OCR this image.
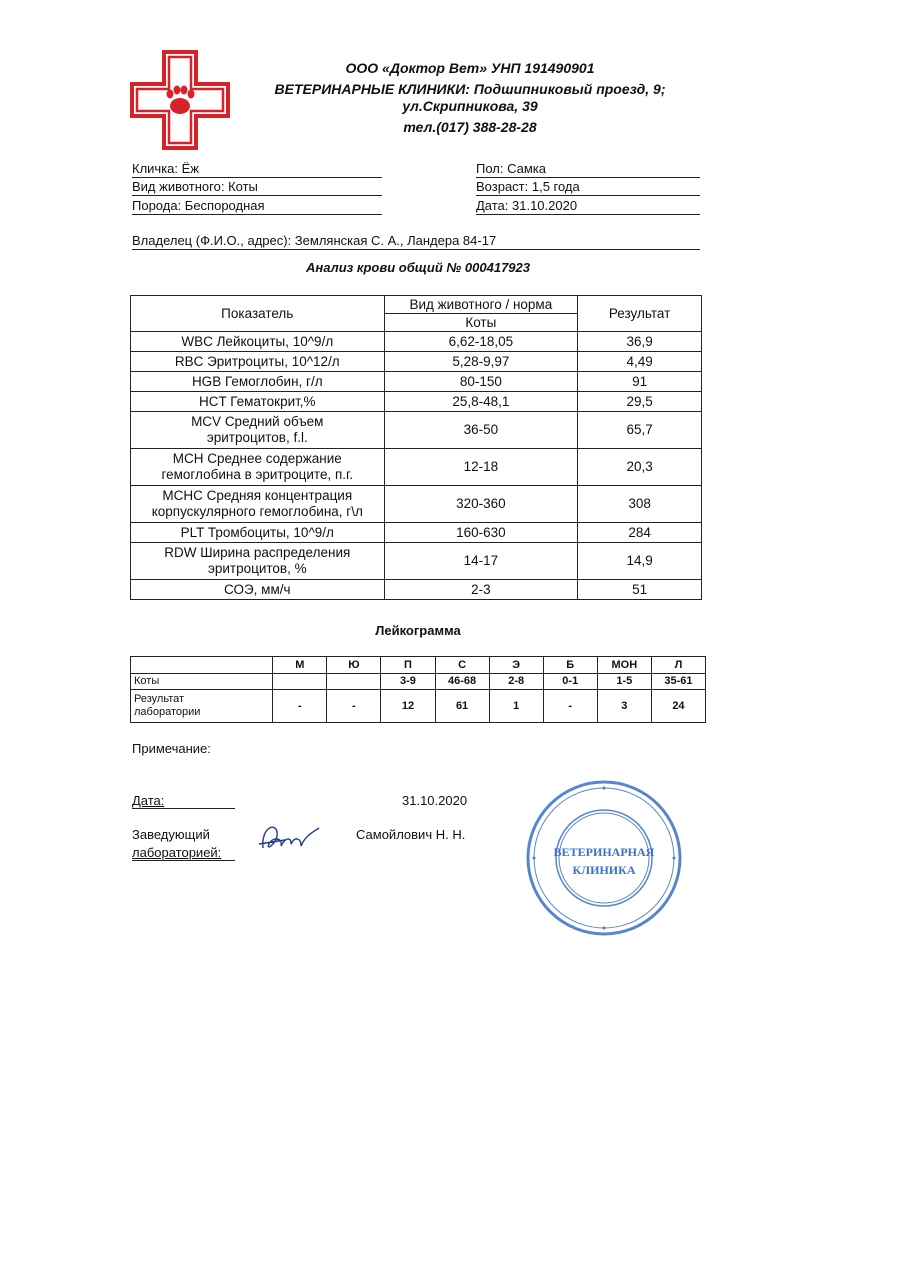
ООО «Доктор Вет» УНП 191490901
ВЕТЕРИНАРНЫЕ КЛИНИКИ: Подшипниковый проезд, 9;
ул.Скрипникова, 39
тел.(017) 388-28-28
Кличка: Ёж
Вид животного: Коты
Порода: Беспородная
Пол: Самка
Возраст: 1,5 года
Дата: 31.10.2020
Владелец (Ф.И.О., адрес): Землянская С. А., Ландера 84-17
Анализ крови общий № 000417923
Показатель	Вид животного / норма	Результат
	Коты	
WBC Лейкоциты, 10^9/л	6,62-18,05	36,9
RBC Эритроциты, 10^12/л	5,28-9,97	4,49
HGB Гемоглобин, г/л	80-150	91
HCT Гематокрит,%	25,8-48,1	29,5
MCV Средний объем
эритроцитов, f.l.	36-50	65,7
MCH Среднее содержание
гемоглобина в эритроците, п.г.	12-18	20,3
MCHC Средняя концентрация
корпускулярного гемоглобина, г\л	320-360	308
PLT Тромбоциты, 10^9/л	160-630	284
RDW Ширина распределения
эритроцитов, %	14-17	14,9
СОЭ, мм/ч	2-3	51
Лейкограмма
	М	Ю	П	С	Э	Б	МОН	Л
Коты			3-9	46-68	2-8	0-1	1-5	35-61
Результат
лаборатории	-	-	12	61	1	-	3	24
Примечание:
Дата:	31.10.2020
Заведующий
лабораторией:
Самойлович Н. Н.
ВЕТЕРИНАРНАЯ
КЛИНИКА
